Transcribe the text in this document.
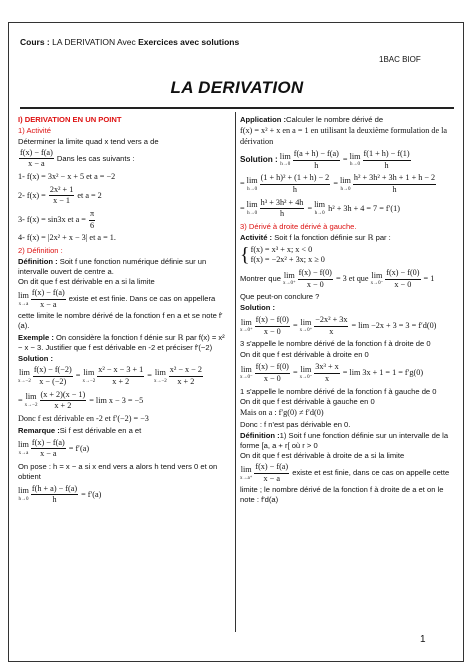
Cours : LA DERIVATION Avec Exercices avec solutions
1BAC BIOF
LA DERIVATION
I) DERIVATION EN UN POINT
1) Activité
Déterminer la limite quad x tend vers a de
$\frac{f(x) - f(a)}{x - a}$ Dans les cas suivants :
1- f(x) = 3x² − x + 5 et a = −2
2- $f(x) = \frac{\text{2x² + 1}}{x - 1}$ et a = 2
3- f(x) = sin3x et $a = \frac{\pi}{6}$
4- f(x) = |2x² + x − 3| et a = 1.
2) Définition :
Définition : Soit f une fonction numérique définie sur un intervalle ouvert de centre a.
On dit que f est dérivable en a si la limite
lim
$x\to a \frac{f(x) - f(a)}{x - a}$ existe et est finie. Dans ce cas on appellera cette limite le nombre dérivé de la fonction f en a et se note f′(a).
Exemple : On considère la fonction f dénie sur ℝ par f(x) = x² − x − 3. Justifier que f est dérivable en -2 et préciser f′(−2)
Solution :
lim
$x\to-2 \frac{f(x) - f(-2)}{x - (-2)} = \lim$
$x\to-2 \frac{\text{x² − x − 3 + 1}}{x + 2} = \lim$
$x\to-2 \frac{\text{x² − x − 2}}{x + 2}$
= lim
$x\to-2 \frac{(x + 2)(x - 1)}{x + 2} = \lim x - 3 = -5$
Donc f est dérivable en -2 et f′(−2) = −3
Remarque :Si f est dérivable en a et
lim
$x\to a \frac{f(x) - f(a)}{x - a} = f'(a)$
On pose : h = x − a si x end vers a alors h tend vers 0 et on obtient
lim
$h\to 0 \frac{f(h + a) - f(a)}{h} = f'(a)$
Application :Calculer le nombre dérivé de
f(x) = x² + x en a = 1 en utilisant la deuxième formulation de la dérivation
Solution : lim
$h\to 0 \frac{f(a + h) - f(a)}{h} = \lim$
$h\to 0 \frac{f(1 + h) - f(1)}{h}$
= lim
$h\to 0 \frac{\text{(1 + h)² + (1 + h) − 2}}{h} = \lim$
$h\to 0 \frac{\text{h² + 3h² + 3h + 1 + h − 2}}{h}$
= lim
$h\to 0 \frac{\text{h³ + 3h² + 4h}}{h} = \lim$
h→0
h² + 3h + 4 = 7 = f′(1)
3) Dérivé à droite dérivé à gauche.
Activité : Soit f la fonction définie sur ℝ par :
{ f(x) = x³ + x; x < 0
f(x) = −2x² + 3x; x ≥ 0
Montrer que lim
$x\to 0^+ \frac{f(x) - f(0)}{x - 0} = 3$ et que lim
$x\to 0^- \frac{f(x) - f(0)}{x - 0} = 1$
Que peut-on conclure ?
Solution :
lim
$x\to 0^+ \frac{f(x) - f(0)}{x - 0} = \lim$
$x\to 0^+ \frac{\text{−2x² + 3x}}{x} = \lim -2x + 3 = 3 = f'd(0)$
3 s'appelle le nombre dérivé de la fonction f à droite de 0
On dit que f est dérivable à droite en 0
lim
$x\to 0^- \frac{f(x) - f(0)}{x - 0} = \lim$
$x\to 0^- \frac{\text{3x³ + x}}{x} = \lim 3x + 1 = 1 = f'g(0)$
1 s'appelle le nombre dérivé de la fonction f à gauche de 0
On dit que f est dérivable à gauche en 0
Mais on a : f′g(0) ≠ f′d(0)
Donc : f n'est pas dérivable en 0.
Définition :1) Soit f une fonction définie sur un intervalle de la forme [a, a + r[ où r > 0
On dit que f est dérivable à droite de a si la limite
lim
$x\to a^+ \frac{f(x) - f(a)}{x - a}$ existe et est finie, dans ce cas on appelle cette limite ; le nombre dérivé de la fonction f à droite de a et on le note : f′d(a)
1
